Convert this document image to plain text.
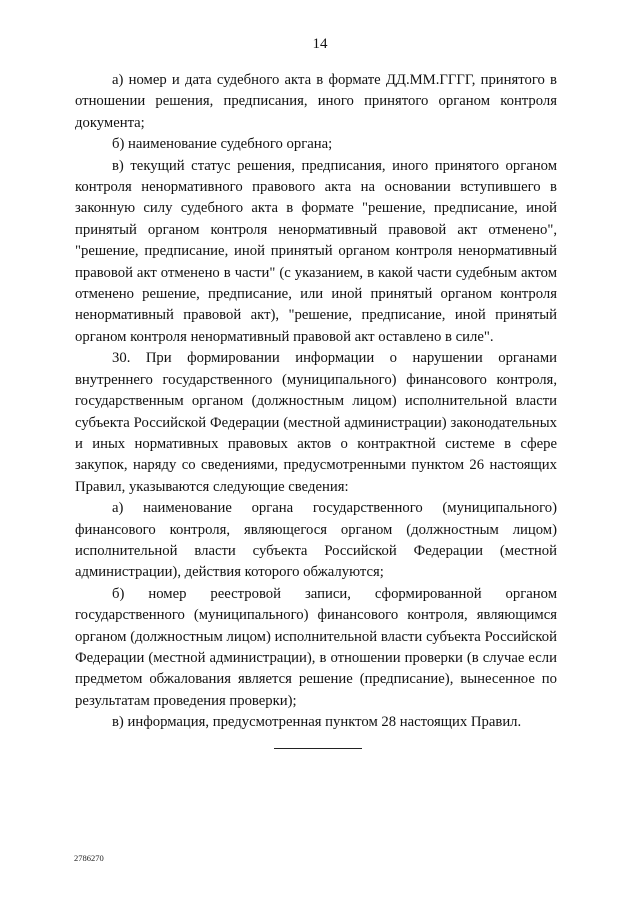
14

а) номер и дата судебного акта в формате ДД.ММ.ГГГГ, принятого в отношении решения, предписания, иного принятого органом контроля документа;

б) наименование судебного органа;

в) текущий статус решения, предписания, иного принятого органом контроля ненормативного правового акта на основании вступившего в законную силу судебного акта в формате "решение, предписание, иной принятый органом контроля ненормативный правовой акт отменено", "решение, предписание, иной принятый органом контроля ненормативный правовой акт отменено в части" (с указанием, в какой части судебным актом отменено решение, предписание, или иной принятый органом контроля ненормативный правовой акт), "решение, предписание, иной принятый органом контроля ненормативный правовой акт оставлено в силе".

30. При формировании информации о нарушении органами внутреннего государственного (муниципального) финансового контроля, государственным органом (должностным лицом) исполнительной власти субъекта Российской Федерации (местной администрации) законодательных и иных нормативных правовых актов о контрактной системе в сфере закупок, наряду со сведениями, предусмотренными пунктом 26 настоящих Правил, указываются следующие сведения:

а) наименование органа государственного (муниципального) финансового контроля, являющегося органом (должностным лицом) исполнительной власти субъекта Российской Федерации (местной администрации), действия которого обжалуются;

б) номер реестровой записи, сформированной органом государственного (муниципального) финансового контроля, являющимся органом (должностным лицом) исполнительной власти субъекта Российской Федерации (местной администрации), в отношении проверки (в случае если предметом обжалования является решение (предписание), вынесенное по результатам проведения проверки);

в) информация, предусмотренная пунктом 28 настоящих Правил.

2786270
